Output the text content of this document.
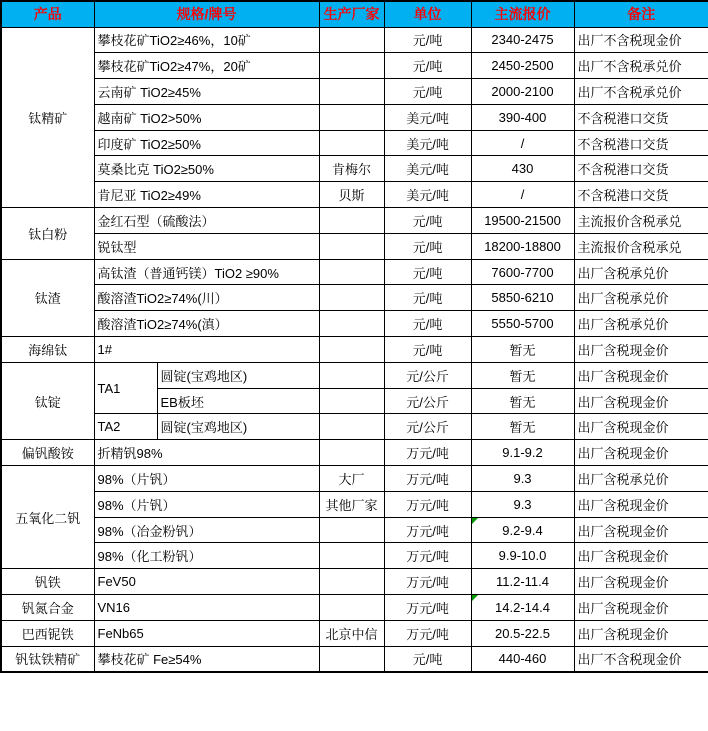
产品	规格/牌号		生产厂家	单位	主流报价	备注
钛精矿	攀枝花矿TiO2≥46%，10矿			元/吨	2340-2475	出厂不含税现金价
	攀枝花矿TiO2≥47%，20矿			元/吨	2450-2500	出厂不含税承兑价
	云南矿 TiO2≥45%			元/吨	2000-2100	出厂不含税承兑价
	越南矿 TiO2>50%			美元/吨	390-400	不含税港口交货
	印度矿 TiO2≥50%			美元/吨	/	不含税港口交货
	莫桑比克 TiO2≥50%		肯梅尔	美元/吨	430	不含税港口交货
	肯尼亚 TiO2≥49%		贝斯	美元/吨	/	不含税港口交货
钛白粉	金红石型（硫酸法）			元/吨	19500-21500	主流报价含税承兑
	锐钛型			元/吨	18200-18800	主流报价含税承兑
钛渣	高钛渣（普通钙镁）TiO2 ≥90%			元/吨	7600-7700	出厂含税承兑价
	酸溶渣TiO2≥74%(川）			元/吨	5850-6210	出厂含税承兑价
	酸溶渣TiO2≥74%(滇）			元/吨	5550-5700	出厂含税承兑价
海绵钛	1#			元/吨	暂无	出厂含税现金价
钛锭	TA1	圆锭(宝鸡地区)		元/公斤	暂无	出厂含税现金价
		EB板坯		元/公斤	暂无	出厂含税现金价
	TA2	圆锭(宝鸡地区)		元/公斤	暂无	出厂含税现金价
偏钒酸铵	折精钒98%			万元/吨	9.1-9.2	出厂含税现金价
五氧化二钒	98%（片钒）		大厂	万元/吨	9.3	出厂含税承兑价
	98%（片钒）		其他厂家	万元/吨	9.3	出厂含税现金价
	98%（冶金粉钒）			万元/吨	9.2-9.4	出厂含税现金价
	98%（化工粉钒）			万元/吨	9.9-10.0	出厂含税现金价
钒铁	FeV50			万元/吨	11.2-11.4	出厂含税现金价
钒氮合金	VN16			万元/吨	14.2-14.4	出厂含税现金价
巴西铌铁	FeNb65		北京中信	万元/吨	20.5-22.5	出厂含税现金价
钒钛铁精矿	攀枝花矿 Fe≥54%			元/吨	440-460	出厂不含税现金价
